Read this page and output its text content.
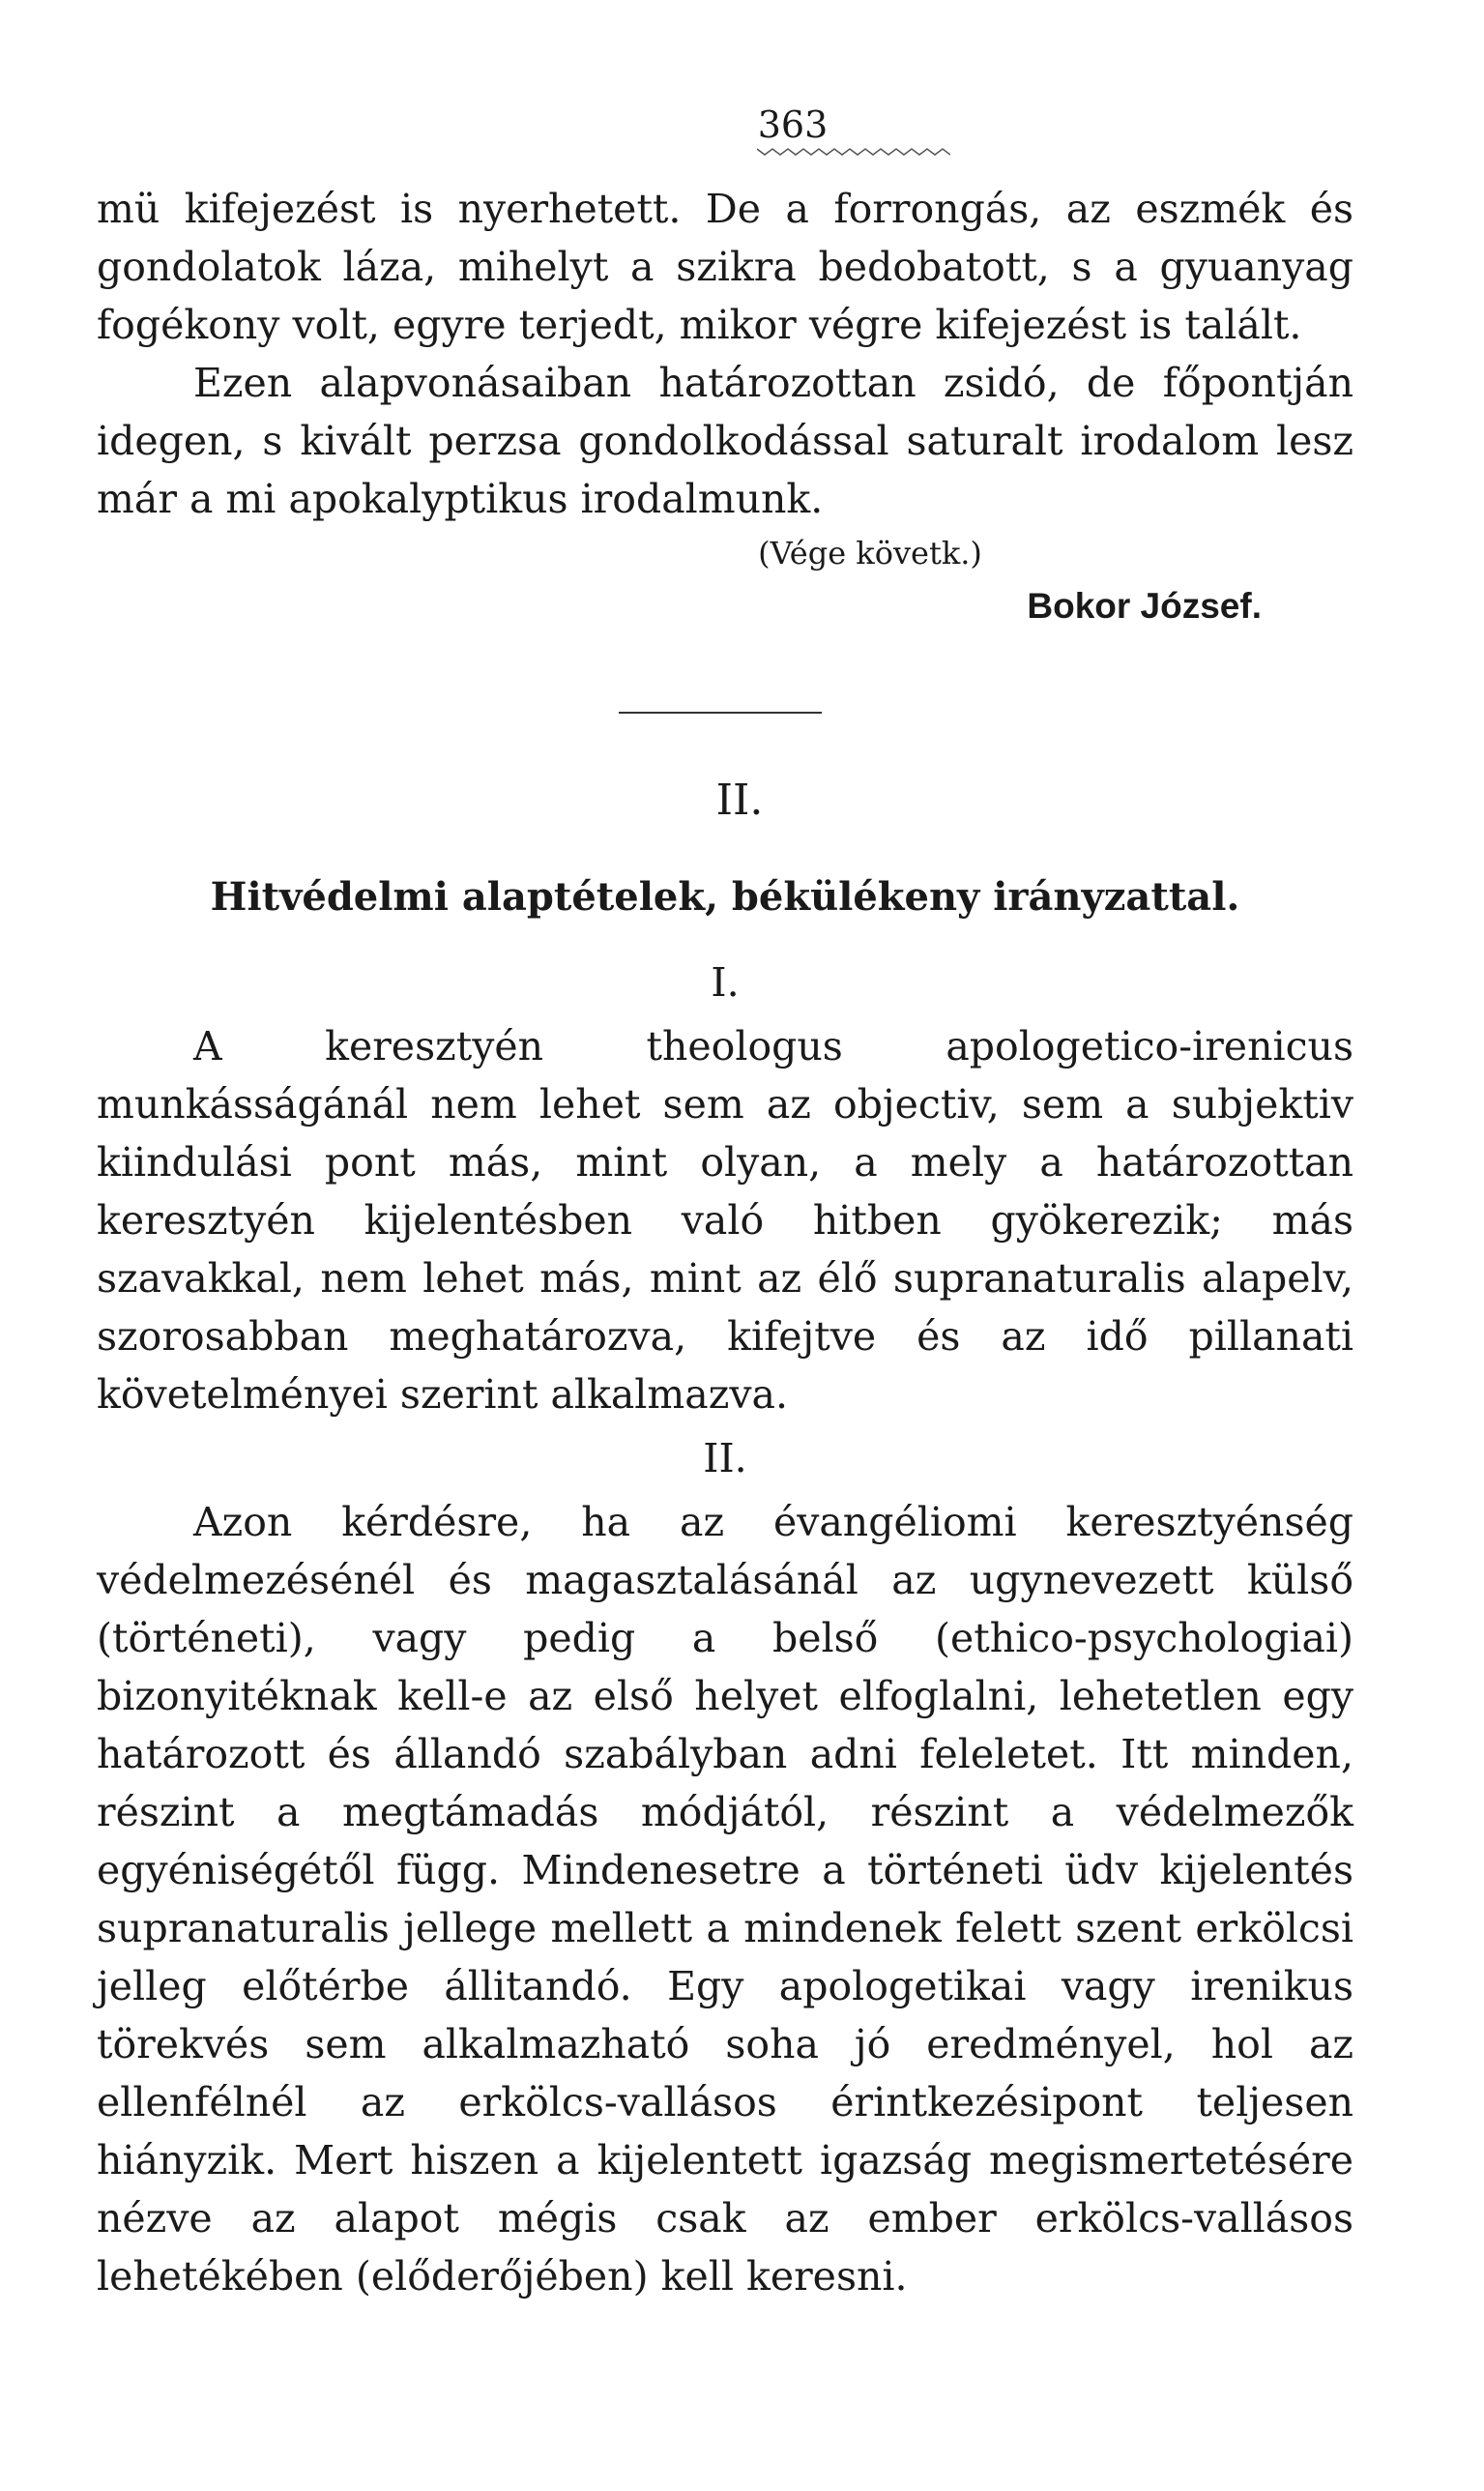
363

mü kifejezést is nyerhetett. De a forrongás, az eszmék és gondolatok láza, mihelyt a szikra bedobatott, s a gyuanyag fogékony volt, egyre terjedt, mikor végre kifejezést is talált.

Ezen alapvonásaiban határozottan zsidó, de főpontján idegen, s kivált perzsa gondolkodással saturalt irodalom lesz már a mi apokalyptikus irodalmunk.

(Vége követk.)

Bokor József.

II.
Hitvédelmi alaptételek, békülékeny irányzattal.
I.

A keresztyén theologus apologetico-irenicus munkásságánál nem lehet sem az objectiv, sem a subjektiv kiindulási pont más, mint olyan, a mely a határozottan keresztyén kijelentésben való hitben gyökerezik; más szavakkal, nem lehet más, mint az élő supranaturalis alapelv, szorosabban meghatározva, kifejtve és az idő pillanati követelményei szerint alkalmazva.

II.

Azon kérdésre, ha az évangéliomi keresztyénség védelmezésénél és magasztalásánál az ugynevezett külső (történeti), vagy pedig a belső (ethico-psychologiai) bizonyitéknak kell-e az első helyet elfoglalni, lehetetlen egy határozott és állandó szabályban adni feleletet. Itt minden, részint a megtámadás módjától, részint a védelmezők egyéniségétől függ. Mindenesetre a történeti üdv kijelentés supranaturalis jellege mellett a mindenek felett szent erkölcsi jelleg előtérbe állitandó. Egy apologetikai vagy irenikus törekvés sem alkalmazható soha jó eredményel, hol az ellenfélnél az erkölcs-vallásos érintkezésipont teljesen hiányzik. Mert hiszen a kijelentett igazság megismertetésére nézve az alapot mégis csak az ember erkölcs-vallásos lehetékében (előderőjében) kell keresni.
